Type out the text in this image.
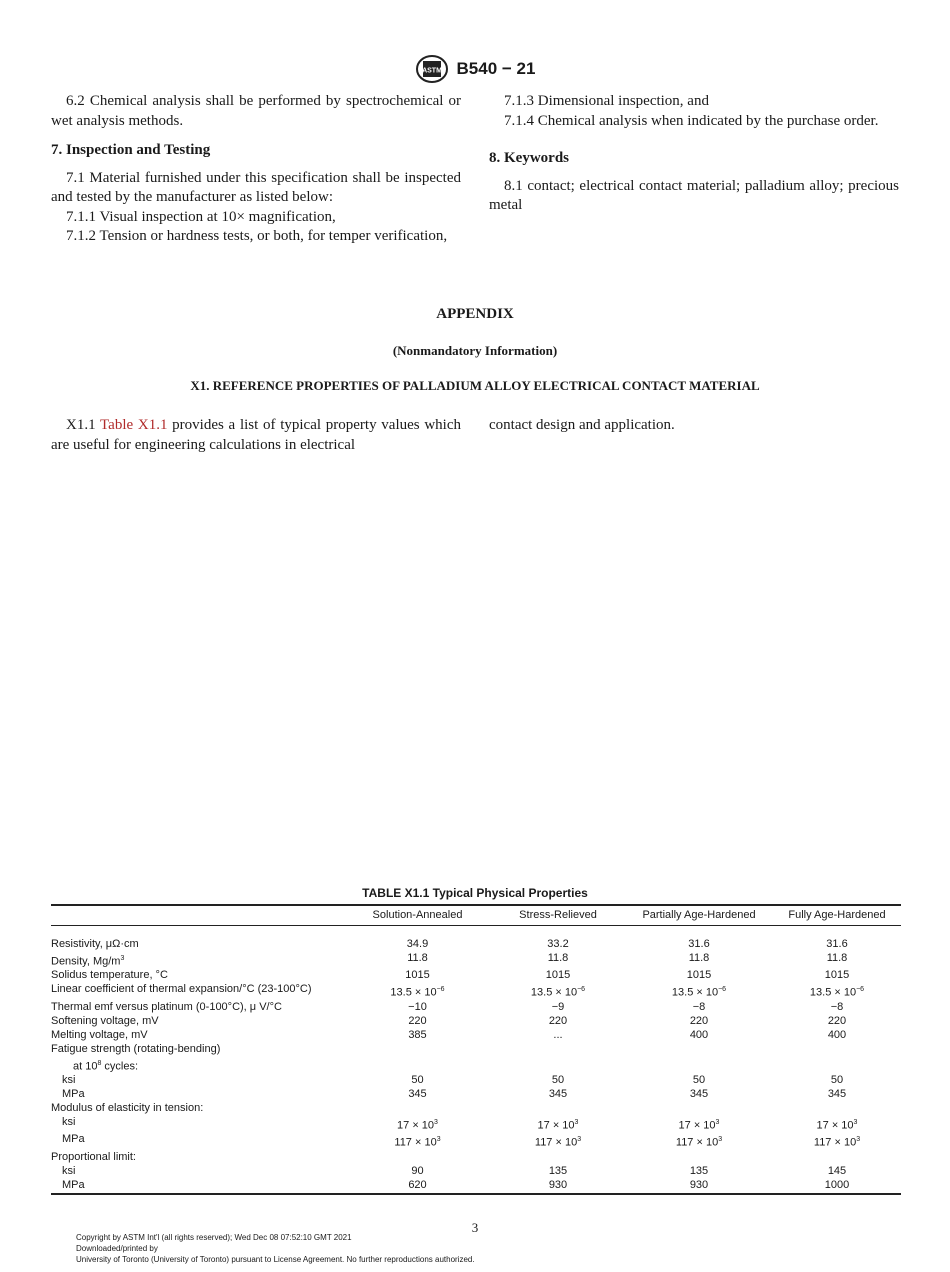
ASTM B540 − 21

6.2 Chemical analysis shall be performed by spectrochemical or wet analysis methods.

7. Inspection and Testing

7.1 Material furnished under this specification shall be inspected and tested by the manufacturer as listed below:

7.1.1 Visual inspection at 10× magnification,

7.1.2 Tension or hardness tests, or both, for temper verification,

7.1.3 Dimensional inspection, and

7.1.4 Chemical analysis when indicated by the purchase order.

8. Keywords

8.1 contact; electrical contact material; palladium alloy; precious metal

APPENDIX
(Nonmandatory Information)
X1. REFERENCE PROPERTIES OF PALLADIUM ALLOY ELECTRICAL CONTACT MATERIAL

X1.1 Table X1.1 provides a list of typical property values which are useful for engineering calculations in electrical

contact design and application.

TABLE X1.1 Typical Physical Properties
	Solution-Annealed	Stress-Relieved	Partially Age-Hardened	Fully Age-Hardened

Resistivity, μΩ·cm	34.9	33.2	31.6	31.6
Density, $Mg/m^3$	11.8	11.8	11.8	11.8
Solidus temperature, °C	1015	1015	1015	1015
Linear coefficient of thermal expansion/°C (23-100°C)	$13.5 \times 10^{-6}$	$13.5 \times 10^{-6}$	$13.5 \times 10^{-6}$	$13.5 \times 10^{-6}$
Thermal emf versus platinum (0-100°C), μ V/°C	−10	−9	−8	−8
Softening voltage, mV	220	220	220	220
Melting voltage, mV	385	...	400	400
Fatigue strength (rotating-bending)				
at $10^8$ cycles:				
ksi	50	50	50	50
MPa	345	345	345	345
Modulus of elasticity in tension:				
ksi	$17 \times 10^3$	$17 \times 10^3$	$17 \times 10^3$	$17 \times 10^3$
MPa	$117 \times 10^3$	$117 \times 10^3$	$117 \times 10^3$	$117 \times 10^3$
Proportional limit:				
ksi	90	135	135	145
MPa	620	930	930	1000
3
Copyright by ASTM Int'l (all rights reserved); Wed Dec 08 07:52:10 GMT 2021
Downloaded/printed by
University of Toronto (University of Toronto) pursuant to License Agreement. No further reproductions authorized.
